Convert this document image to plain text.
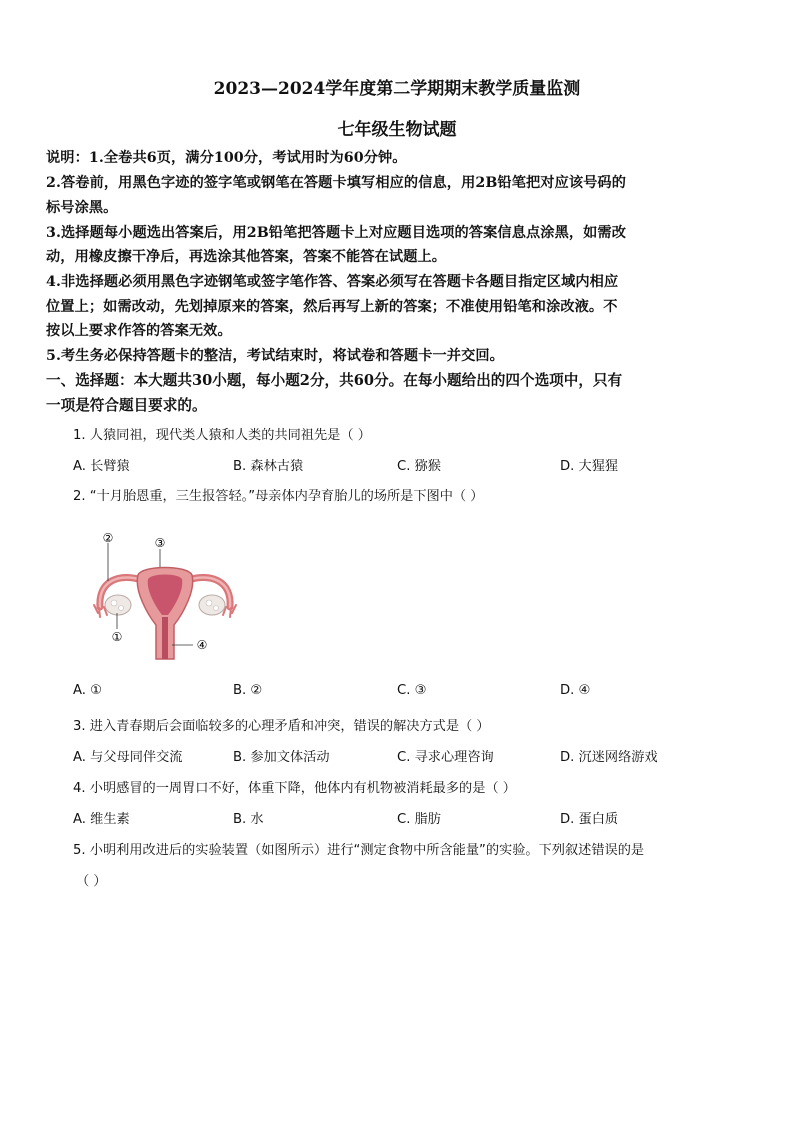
2023—2024学年度第二学期期末教学质量监测
七年级生物试题
说明：1.全卷共6页，满分100分，考试用时为60分钟。
2.答卷前，用黑色字迹的签字笔或钢笔在答题卡填写相应的信息，用2B铅笔把对应该号码的
标号涂黑。
3.选择题每小题选出答案后，用2B铅笔把答题卡上对应题目选项的答案信息点涂黑，如需改
动，用橡皮擦干净后，再选涂其他答案，答案不能答在试题上。
4.非选择题必须用黑色字迹钢笔或签字笔作答、答案必须写在答题卡各题目指定区域内相应
位置上；如需改动，先划掉原来的答案，然后再写上新的答案；不准使用铅笔和涂改液。不
按以上要求作答的答案无效。
5.考生务必保持答题卡的整洁，考试结束时，将试卷和答题卡一并交回。
一、选择题：本大题共30小题，每小题2分，共60分。在每小题给出的四个选项中，只有
一项是符合题目要求的。
1. 人猿同祖，现代类人猿和人类的共同祖先是（ ）
A. 长臂猿	B. 森林古猿	C. 猕猴	D. 大猩猩
2. “十月胎恩重，三生报答轻。”母亲体内孕育胎儿的场所是下图中（ ）
②	③
①
④
A. ①	B. ②	C. ③	D. ④
3. 进入青春期后会面临较多的心理矛盾和冲突，错误的解决方式是（ ）
A. 与父母同伴交流	B. 参加文体活动	C. 寻求心理咨询	D. 沉迷网络游戏
4. 小明感冒的一周胃口不好，体重下降，他体内有机物被消耗最多的是（ ）
A. 维生素	B. 水	C. 脂肪	D. 蛋白质
5. 小明利用改进后的实验装置（如图所示）进行“测定食物中所含能量”的实验。下列叙述错误的是
（ ）
